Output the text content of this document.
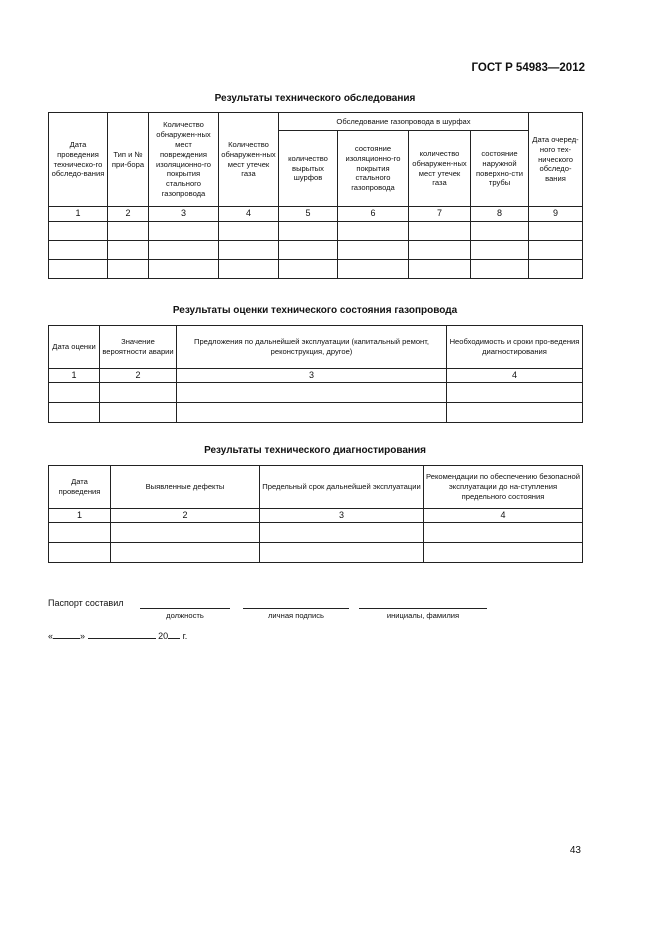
ГОСТ Р 54983—2012
Результаты технического обследования
Дата проведения техническо-го обследо-вания	Тип и № при-бора	Количество обнаружен-ных мест повреждения изоляционно-го покрытия стального газопровода	Количество обнаружен-ных мест утечек газа	Обследование газопровода в шурфах				Дата очеред-ного тех-нического обследо-вания
				количество вырытых шурфов	состояние изоляционно-го покрытия стального газопровода	количество обнаружен-ных мест утечек газа	состояние наружной поверхно-сти трубы	
1	2	3	4	5	6	7	8	9

Результаты оценки технического состояния газопровода
Дата оценки	Значение вероятности аварии	Предложения по дальнейшей эксплуатации (капитальный ремонт, реконструкция, другое)	Необходимость и сроки про-ведения диагностирования
1	2	3	4

Результаты технического диагностирования
Дата проведения	Выявленные дефекты	Предельный срок дальнейшей эксплуатации	Рекомендации по обеспечению безопасной эксплуатации до на-ступления предельного состояния
1	2	3	4

Паспорт составил
должность	личная подпись	инициалы, фамилия
«	»	20 г.
43
